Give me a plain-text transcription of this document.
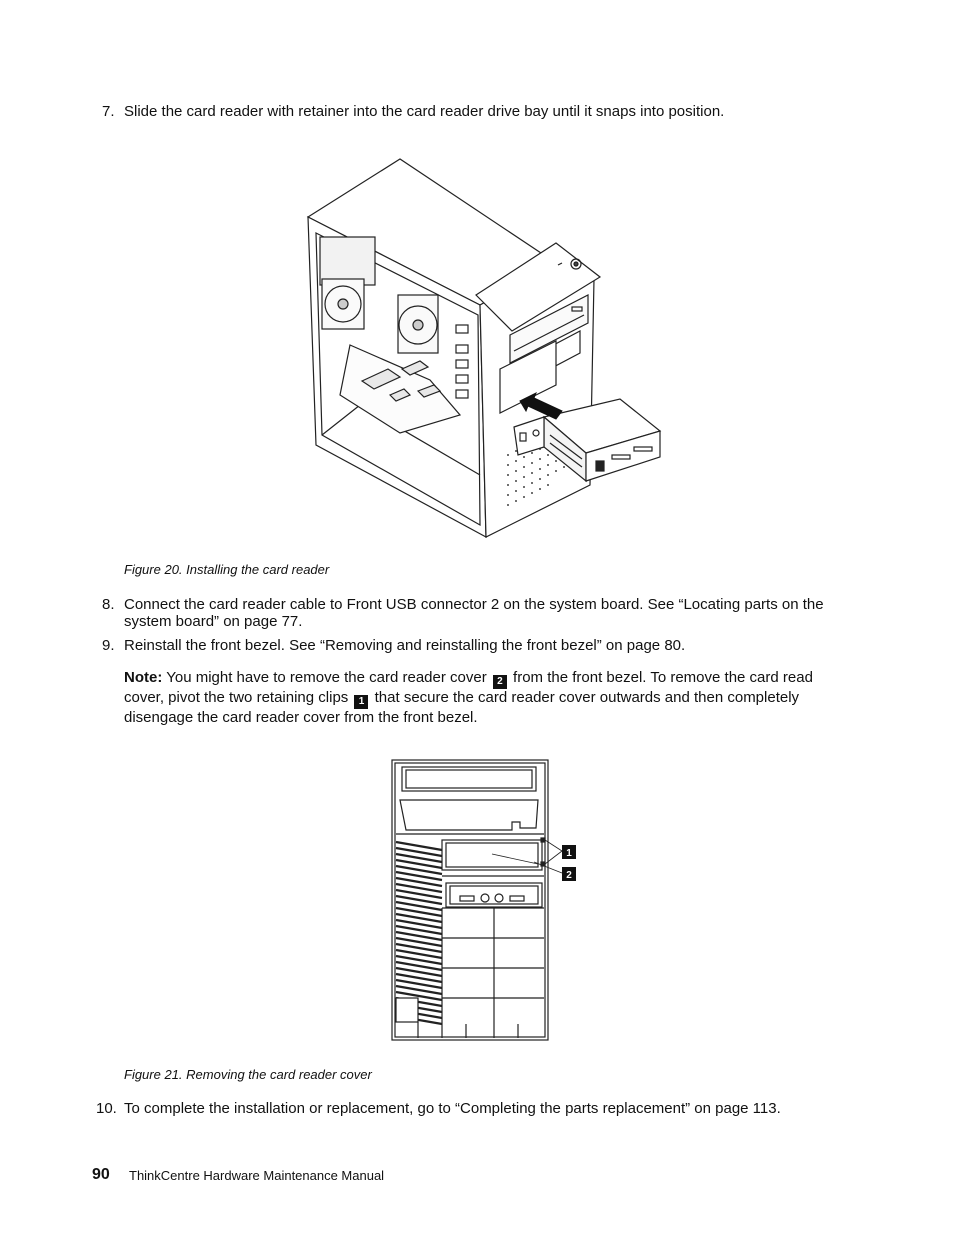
7. Slide the card reader with retainer into the card reader drive bay until it snaps into position.
Figure 20. Installing the card reader
8. Connect the card reader cable to Front USB connector 2 on the system board. See “Locating parts on the system board” on page 77.
9. Reinstall the front bezel. See “Removing and reinstalling the front bezel” on page 80.
Note: You might have to remove the card reader cover 2 from the front bezel. To remove the card read cover, pivot the two retaining clips 1 that secure the card reader cover outwards and then completely disengage the card reader cover from the front bezel.
1
2
Figure 21. Removing the card reader cover
10. To complete the installation or replacement, go to “Completing the parts replacement” on page 113.
90 ThinkCentre Hardware Maintenance Manual
